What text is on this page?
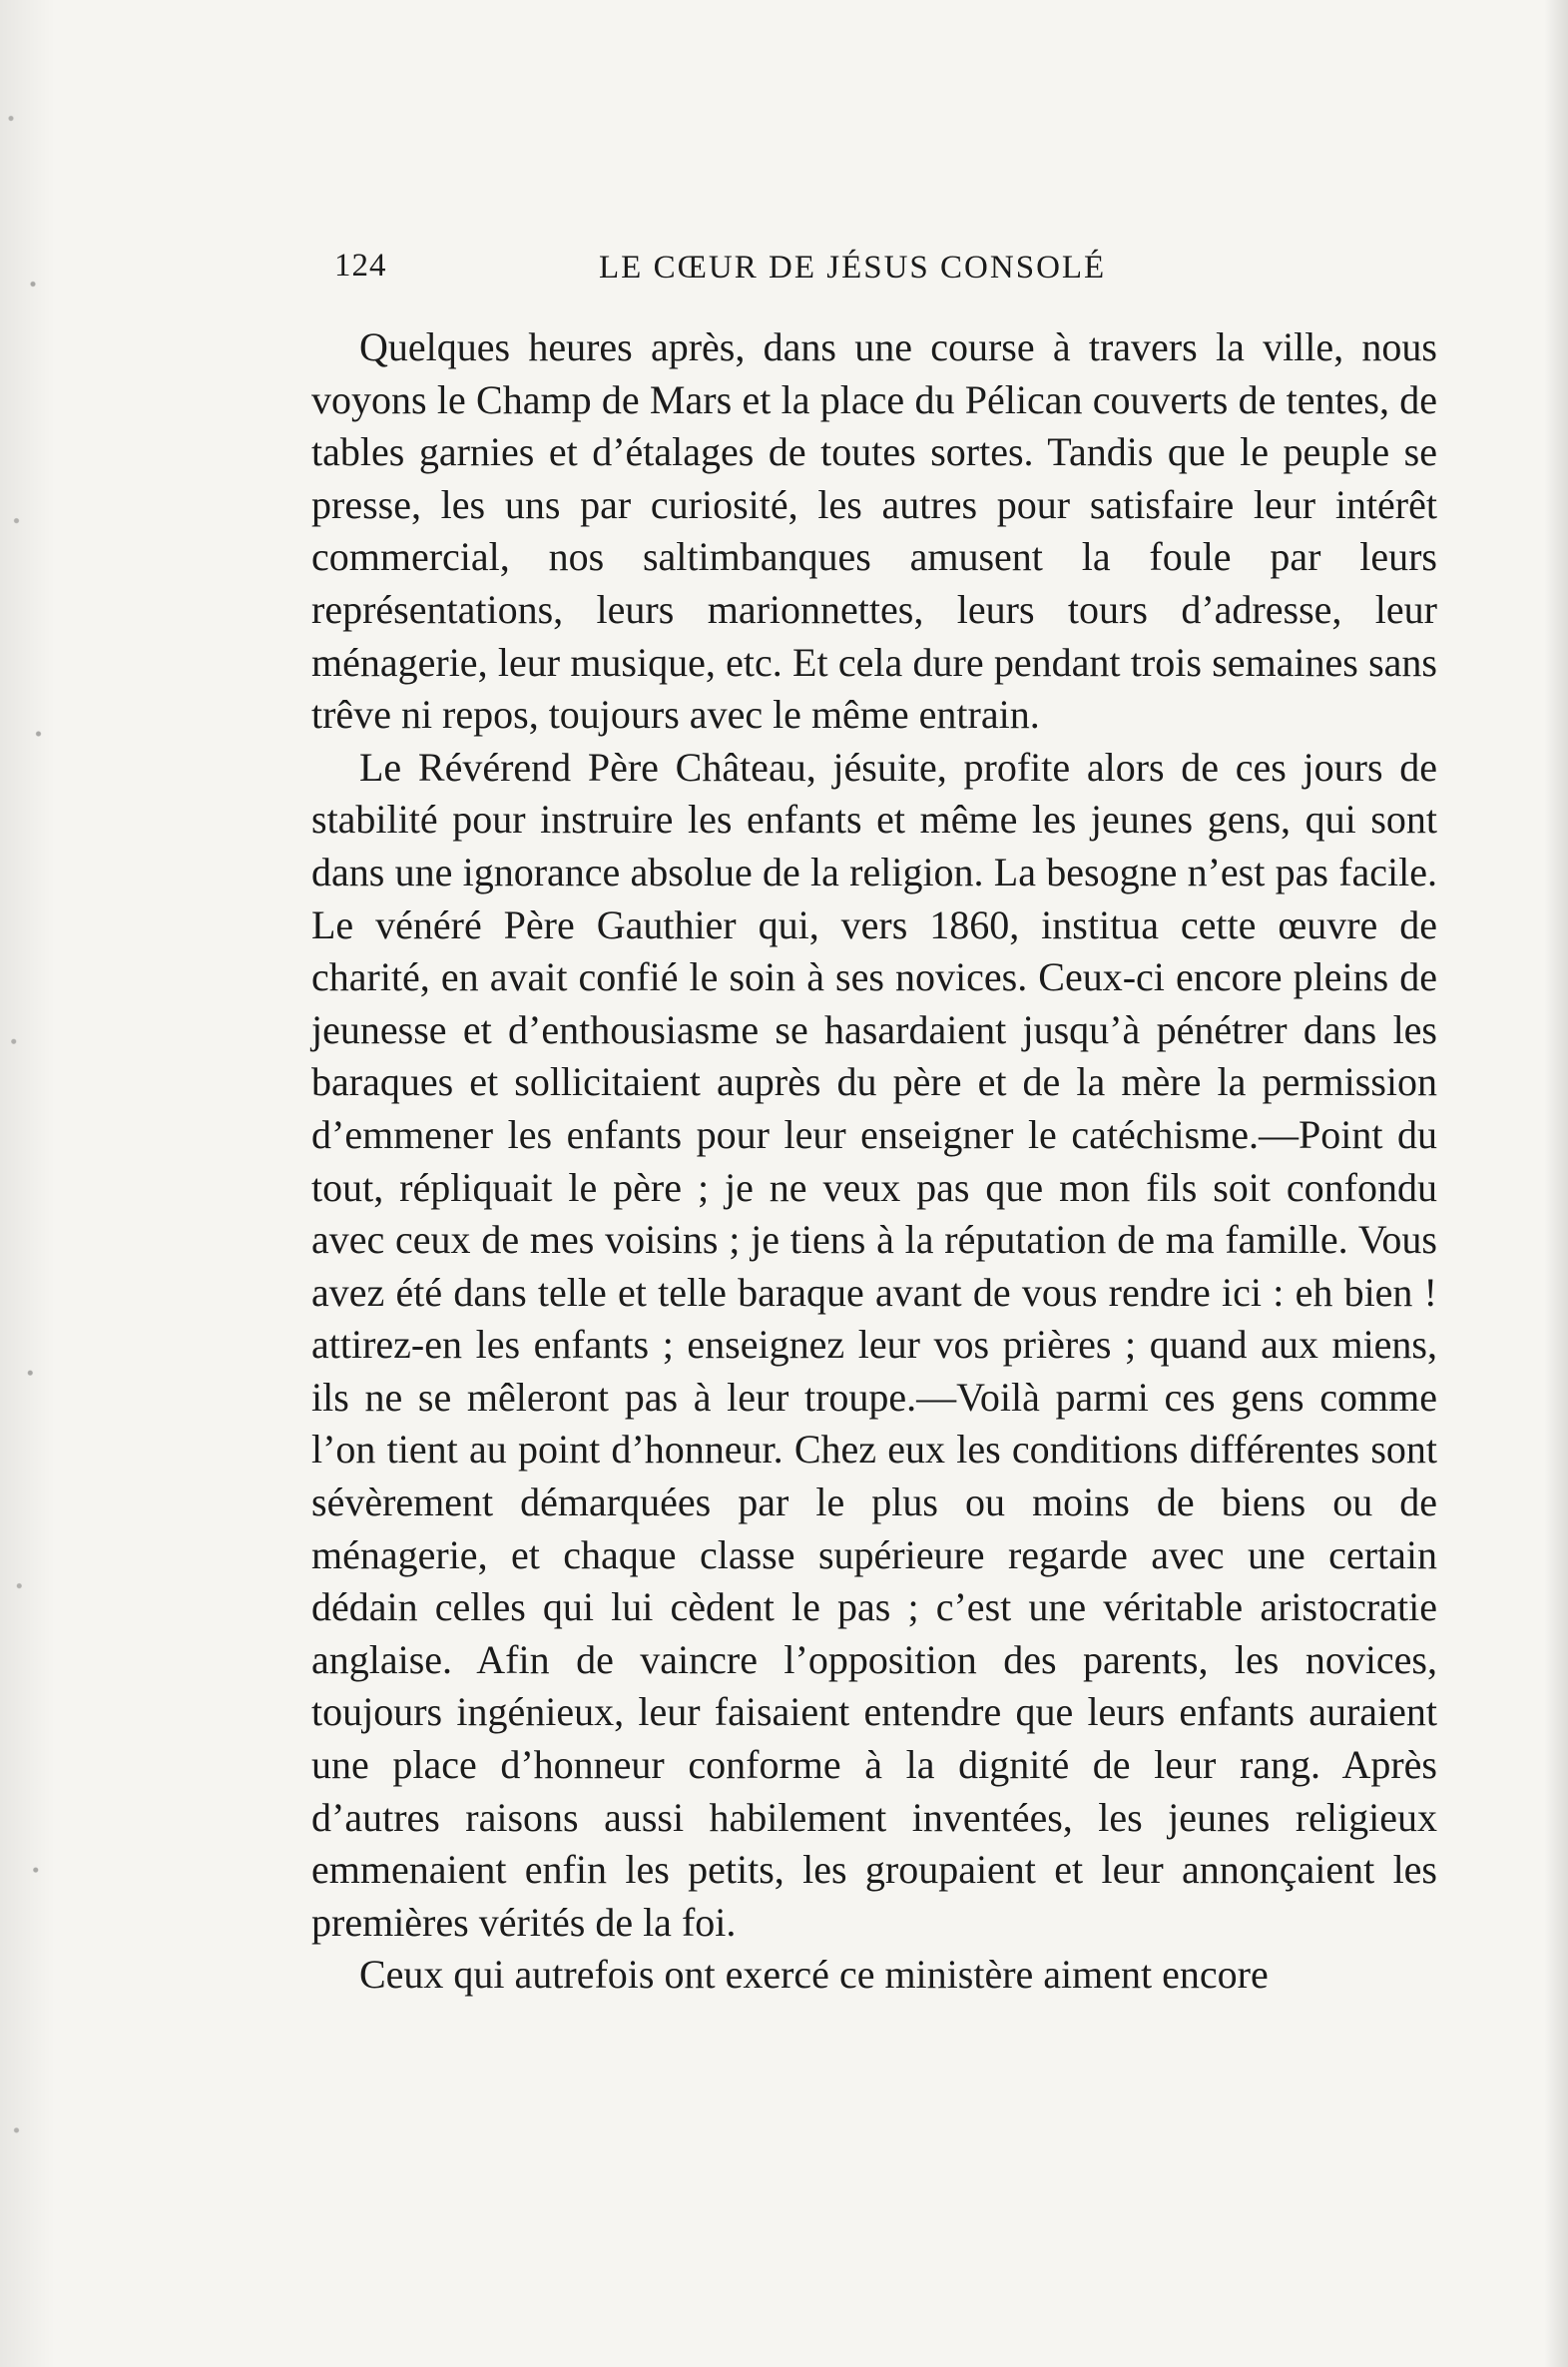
124	LE CŒUR DE JÉSUS CONSOLÉ

Quelques heures après, dans une course à travers la ville, nous voyons le Champ de Mars et la place du Pélican couverts de tentes, de tables garnies et d’étalages de toutes sortes. Tandis que le peuple se presse, les uns par curiosité, les autres pour satisfaire leur intérêt commercial, nos saltimbanques amusent la foule par leurs représentations, leurs marionnettes, leurs tours d’adresse, leur ménagerie, leur musique, etc. Et cela dure pendant trois semaines sans trêve ni repos, toujours avec le même entrain.

Le Révérend Père Château, jésuite, profite alors de ces jours de stabilité pour instruire les enfants et même les jeunes gens, qui sont dans une ignorance absolue de la religion. La besogne n’est pas facile. Le vénéré Père Gauthier qui, vers 1860, institua cette œuvre de charité, en avait confié le soin à ses novices. Ceux-ci encore pleins de jeunesse et d’enthousiasme se hasardaient jusqu’à pénétrer dans les baraques et sollicitaient auprès du père et de la mère la permission d’emmener les enfants pour leur enseigner le catéchisme.—Point du tout, répliquait le père ; je ne veux pas que mon fils soit confondu avec ceux de mes voisins ; je tiens à la réputation de ma famille. Vous avez été dans telle et telle baraque avant de vous rendre ici : eh bien ! attirez-en les enfants ; enseignez leur vos prières ; quand aux miens, ils ne se mêleront pas à leur troupe.—Voilà parmi ces gens comme l’on tient au point d’honneur. Chez eux les conditions différentes sont sévèrement démarquées par le plus ou moins de biens ou de ménagerie, et chaque classe supérieure regarde avec une certain dédain celles qui lui cèdent le pas ; c’est une véritable aristocratie anglaise. Afin de vaincre l’opposition des parents, les novices, toujours ingénieux, leur faisaient entendre que leurs enfants auraient une place d’honneur conforme à la dignité de leur rang. Après d’autres raisons aussi habilement inventées, les jeunes religieux emmenaient enfin les petits, les groupaient et leur annonçaient les premières vérités de la foi.

Ceux qui autrefois ont exercé ce ministère aiment encore
